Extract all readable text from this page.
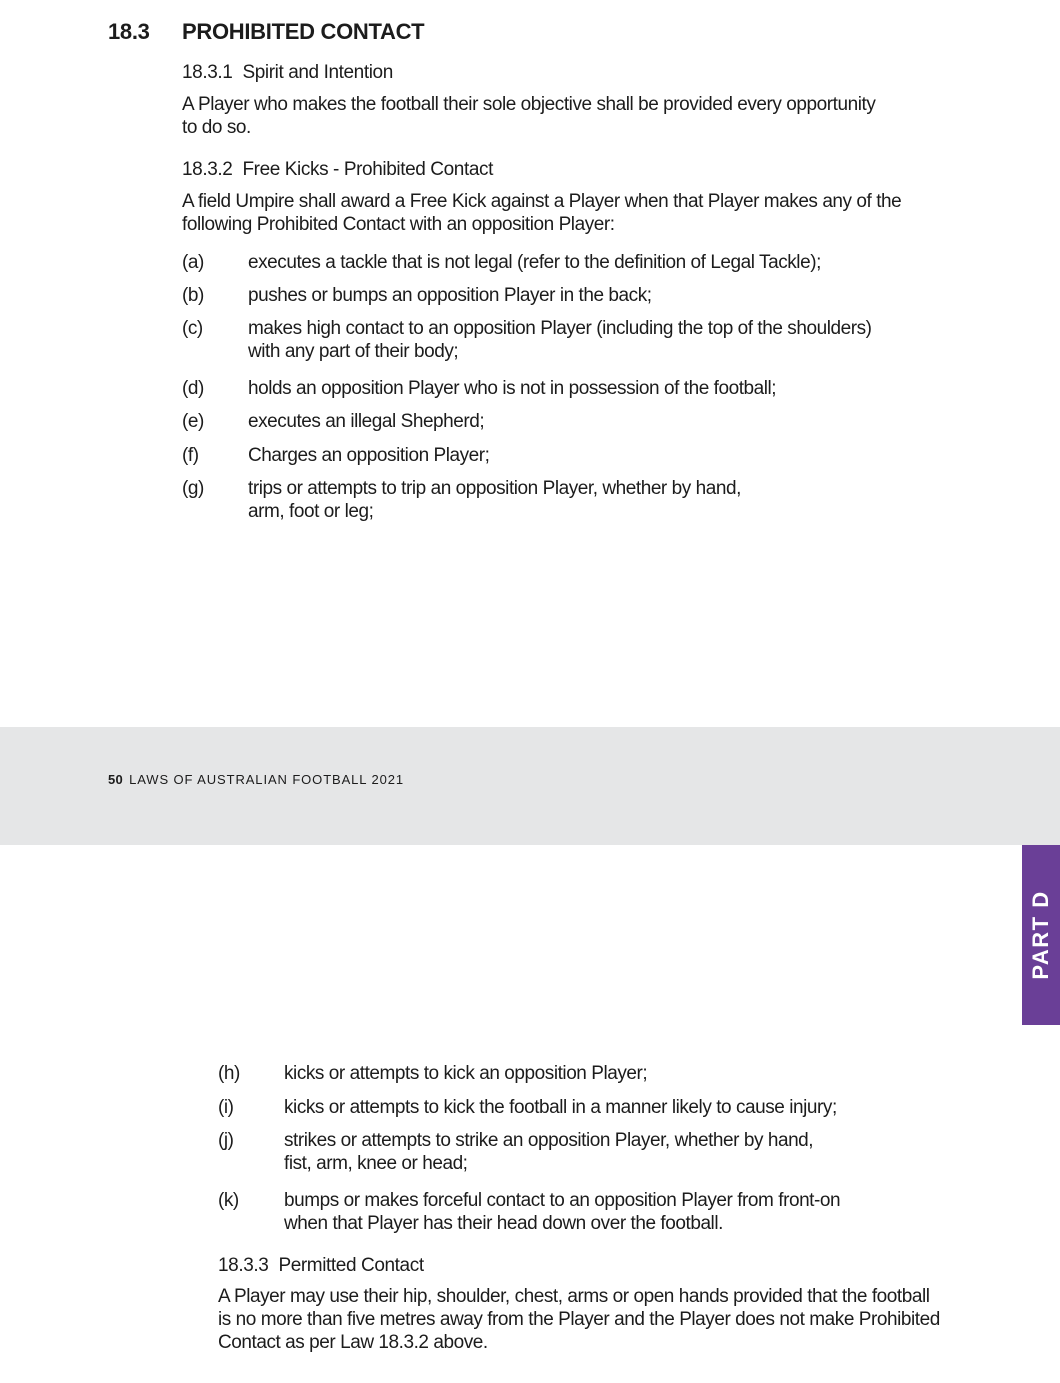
18.3 PROHIBITED CONTACT
18.3.1 Spirit and Intention
A Player who makes the football their sole objective shall be provided every opportunity
to do so.
18.3.2 Free Kicks - Prohibited Contact
A field Umpire shall award a Free Kick against a Player when that Player makes any of the
following Prohibited Contact with an opposition Player:
(a) executes a tackle that is not legal (refer to the definition of Legal Tackle);
(b) pushes or bumps an opposition Player in the back;
(c) makes high contact to an opposition Player (including the top of the shoulders)
with any part of their body;
(d) holds an opposition Player who is not in possession of the football;
(e) executes an illegal Shepherd;
(f)	Charges an opposition Player;
(g) trips or attempts to trip an opposition Player, whether by hand,
arm, foot or leg;
50 LAWS OF AUSTRALIAN FOOTBALL 2021
PART D
(h) kicks or attempts to kick an opposition Player;
(i)	kicks or attempts to kick the football in a manner likely to cause injury;
(j)	strikes or attempts to strike an opposition Player, whether by hand,
fist, arm, knee or head;
(k) bumps or makes forceful contact to an opposition Player from front-on
when that Player has their head down over the football.
18.3.3 Permitted Contact
A Player may use their hip, shoulder, chest, arms or open hands provided that the football
is no more than five metres away from the Player and the Player does not make Prohibited
Contact as per Law 18.3.2 above.
